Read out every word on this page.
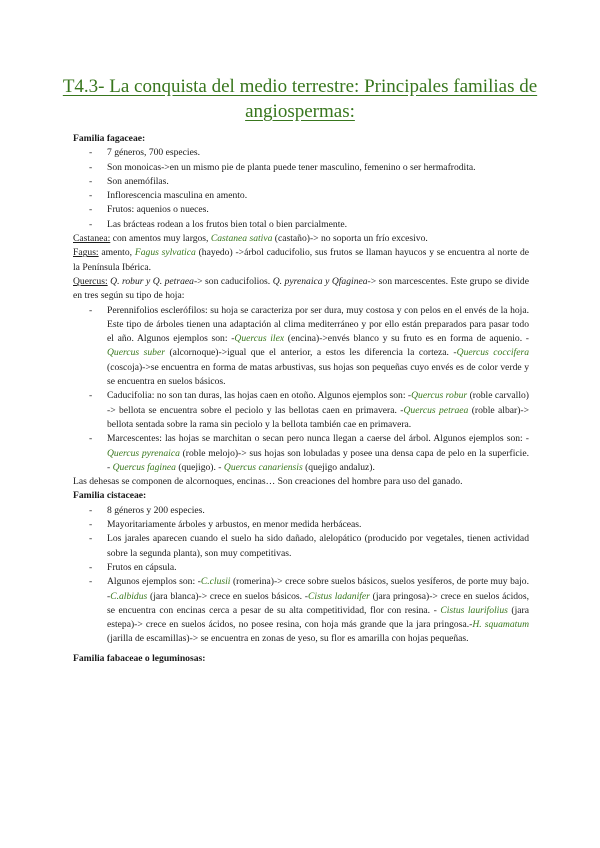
T4.3- La conquista del medio terrestre: Principales familias de angiospermas:

Familia fagaceae:

- 7 géneros, 700 especies.
- Son monoicas->en un mismo pie de planta puede tener masculino, femenino o ser hermafrodita.
- Son anemófilas.
- Inflorescencia masculina en amento.
- Frutos: aquenios o nueces.
- Las brácteas rodean a los frutos bien total o bien parcialmente.

Castanea: con amentos muy largos, Castanea sativa (castaño)-> no soporta un frío excesivo.

Fagus: amento, Fagus sylvatica (hayedo) ->árbol caducifolio, sus frutos se llaman hayucos y se encuentra al norte de la Península Ibérica.

Quercus: Q. robur y Q. petraea-> son caducifolios. Q. pyrenaica y Qfaginea-> son marcescentes. Este grupo se divide en tres según su tipo de hoja:

- Perennifolios esclerófilos: su hoja se caracteriza por ser dura, muy costosa y con pelos en el envés de la hoja. Este tipo de árboles tienen una adaptación al clima mediterráneo y por ello están preparados para pasar todo el año. Algunos ejemplos son: -Quercus ilex (encina)->envés blanco y su fruto es en forma de aquenio. -Quercus suber (alcornoque)->igual que el anterior, a estos les diferencia la corteza. -Quercus coccifera (coscoja)->se encuentra en forma de matas arbustivas, sus hojas son pequeñas cuyo envés es de color verde y se encuentra en suelos básicos.
- Caducifolia: no son tan duras, las hojas caen en otoño. Algunos ejemplos son: -Quercus robur (roble carvallo) -> bellota se encuentra sobre el peciolo y las bellotas caen en primavera. -Quercus petraea (roble albar)-> bellota sentada sobre la rama sin peciolo y la bellota también cae en primavera.
- Marcescentes: las hojas se marchitan o secan pero nunca llegan a caerse del árbol. Algunos ejemplos son: -Quercus pyrenaica (roble melojo)-> sus hojas son lobuladas y posee una densa capa de pelo en la superficie. - Quercus faginea (quejigo). - Quercus canariensis (quejigo andaluz).

Las dehesas se componen de alcornoques, encinas… Son creaciones del hombre para uso del ganado.

Familia cistaceae:

- 8 géneros y 200 especies.
- Mayoritariamente árboles y arbustos, en menor medida herbáceas.
- Los jarales aparecen cuando el suelo ha sido dañado, alelopático (producido por vegetales, tienen actividad sobre la segunda planta), son muy competitivas.
- Frutos en cápsula.
- Algunos ejemplos son: -C.clusii (romerina)-> crece sobre suelos básicos, suelos yesíferos, de porte muy bajo. -C.albidus (jara blanca)-> crece en suelos básicos. -Cistus ladanifer (jara pringosa)-> crece en suelos ácidos, se encuentra con encinas cerca a pesar de su alta competitividad, flor con resina. - Cistus laurifolius (jara estepa)-> crece en suelos ácidos, no posee resina, con hoja más grande que la jara pringosa.-H. squamatum (jarilla de escamillas)-> se encuentra en zonas de yeso, su flor es amarilla con hojas pequeñas.

Familia fabaceae o leguminosas:
